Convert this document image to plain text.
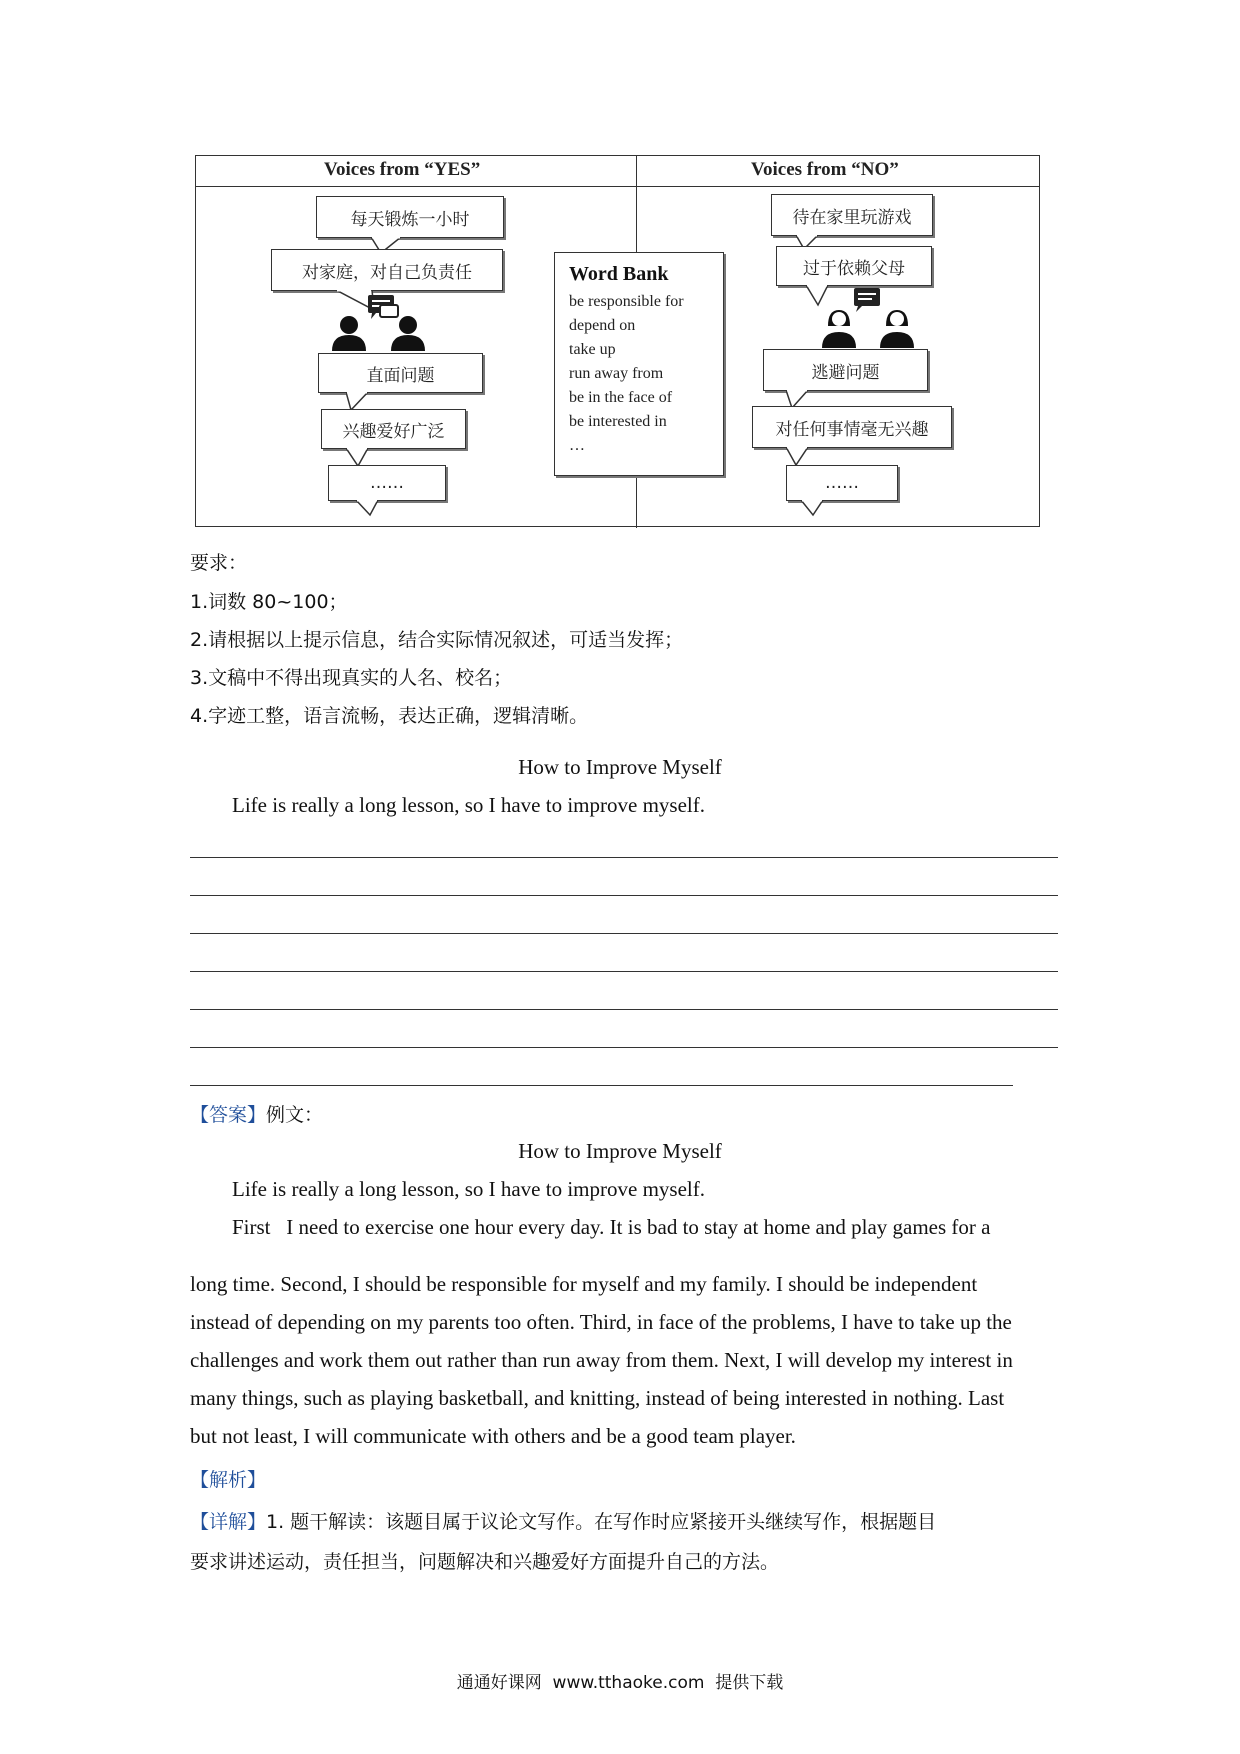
Voices from “YES”	Voices from “NO”
每天锻炼一小时
对家庭，对自己负责任
直面问题
兴趣爱好广泛
……
Word Bank
be responsible for
depend on
take up
run away from
be in the face of
be interested in
…
待在家里玩游戏
过于依赖父母
逃避问题
对任何事情毫无兴趣
……
要求：
1.词数 80~100；
2.请根据以上提示信息，结合实际情况叙述，可适当发挥；
3.文稿中不得出现真实的人名、校名；
4.字迹工整，语言流畅，表达正确，逻辑清晰。
How to Improve Myself
Life is really a long lesson, so I have to improve myself.
【答案】例文：
How to Improve Myself
Life is really a long lesson, so I have to improve myself.
First   I need to exercise one hour every day. It is bad to stay at home and play games for a
long time. Second, I should be responsible for myself and my family. I should be independent
instead of depending on my parents too often. Third, in face of the problems, I have to take up the
challenges and work them out rather than run away from them. Next, I will develop my interest in
many things, such as playing basketball, and knitting, instead of being interested in nothing. Last
but not least, I will communicate with others and be a good team player.
【解析】
【详解】1. 题干解读：该题目属于议论文写作。在写作时应紧接开头继续写作，根据题目
要求讲述运动，责任担当，问题解决和兴趣爱好方面提升自己的方法。
通通好课网  www.tthaoke.com  提供下载
